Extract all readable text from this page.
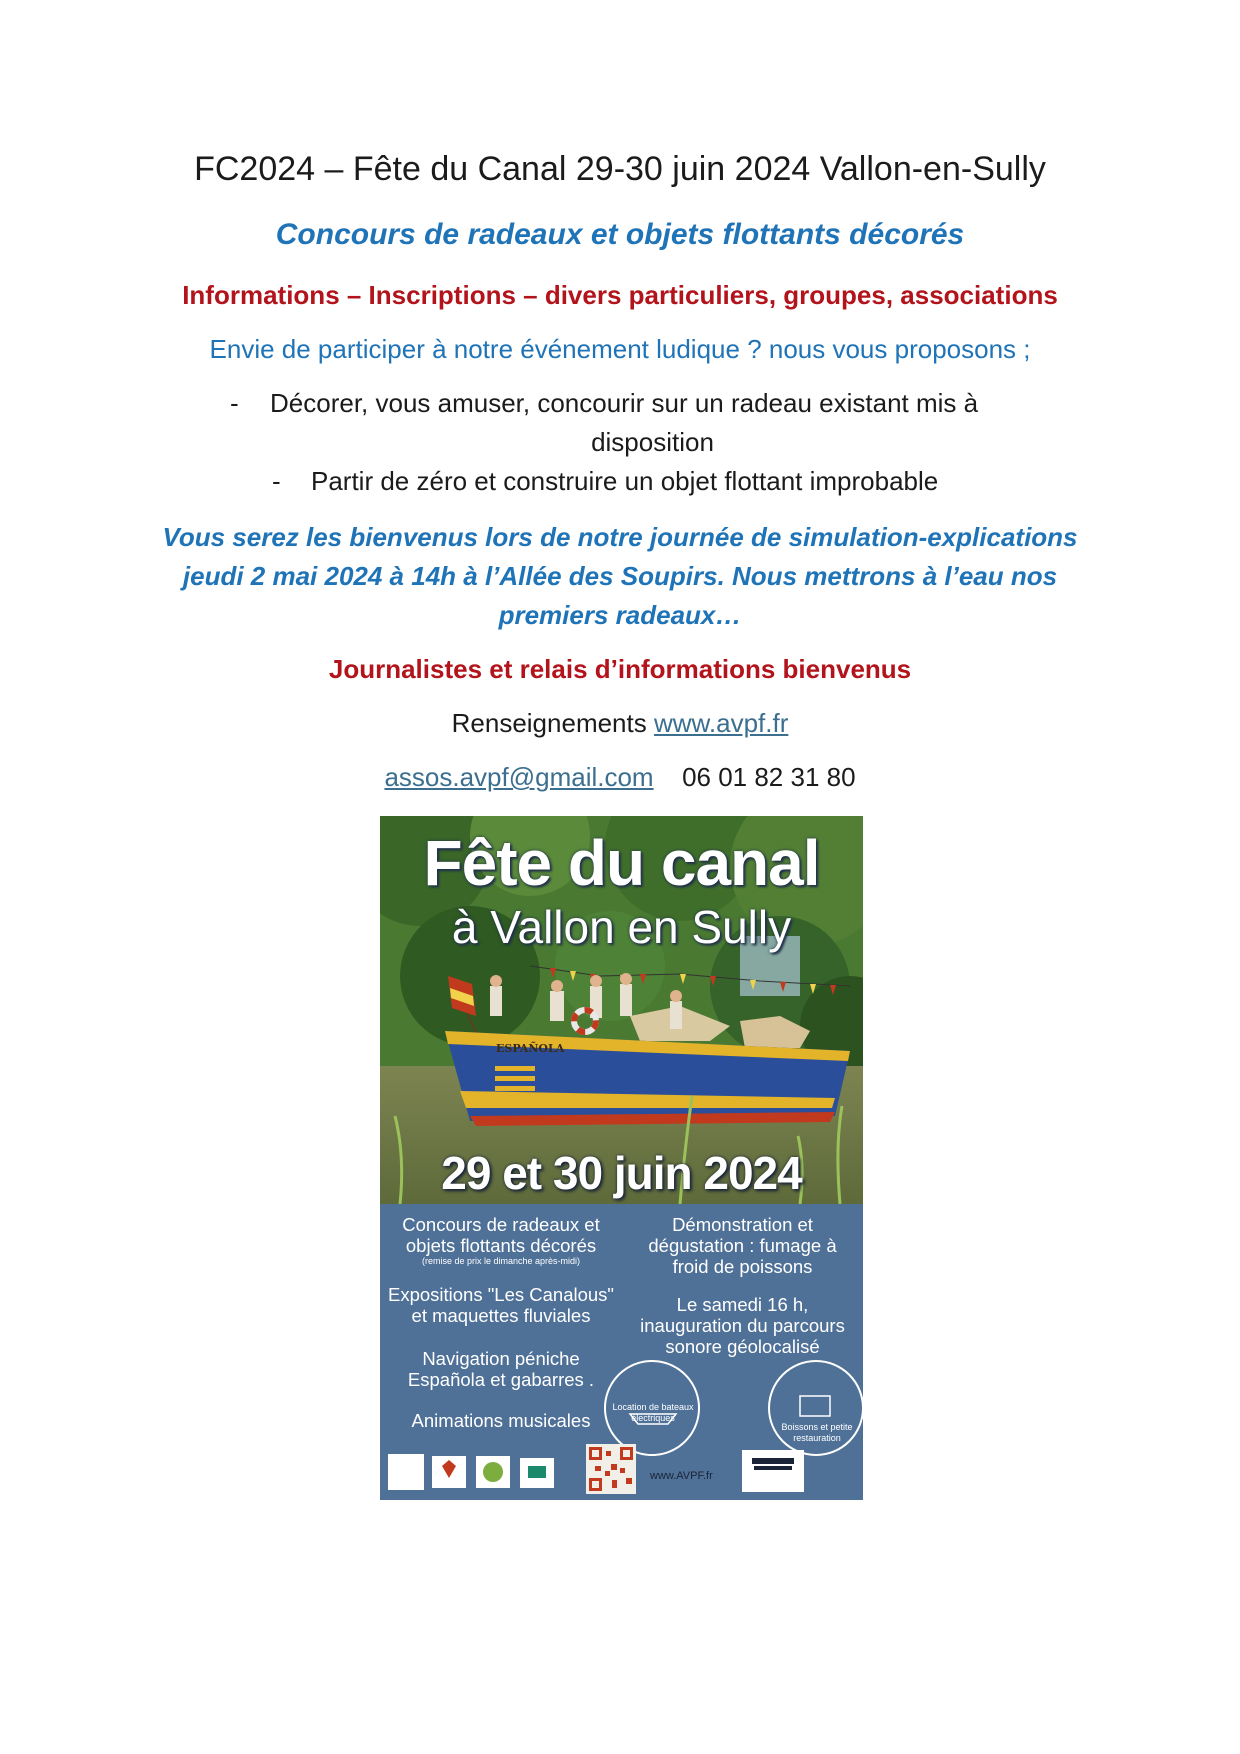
FC2024 – Fête du Canal 29-30 juin 2024 Vallon-en-Sully
Concours de radeaux et objets flottants décorés
Informations – Inscriptions – divers particuliers, groupes, associations
Envie de participer à notre événement ludique ? nous vous proposons ;
- Décorer, vous amuser, concourir sur un radeau existant mis à
disposition
- Partir de zéro et construire un objet flottant improbable
Vous serez les bienvenus lors de notre journée de simulation-explications jeudi 2 mai 2024 à 14h à l’Allée des Soupirs. Nous mettrons à l’eau nos premiers radeaux…
Journalistes et relais d’informations bienvenus
Renseignements www.avpf.fr
assos.avpf@gmail.com 06 01 82 31 80
Fête du canal
à Vallon en Sully
ESPAÑOLA
29 et 30 juin 2024
Concours de radeaux et
objets flottants décorés
(remise de prix le dimanche après-midi)
Expositions "Les Canalous"
et maquettes fluviales
Navigation péniche
Española et gabarres .
Animations musicales
Démonstration et
dégustation : fumage à
froid de poissons
Le samedi 16 h,
inauguration du parcours
sonore géolocalisé
Location de bateaux électriques
Boissons et petite restauration
www.AVPF.fr
